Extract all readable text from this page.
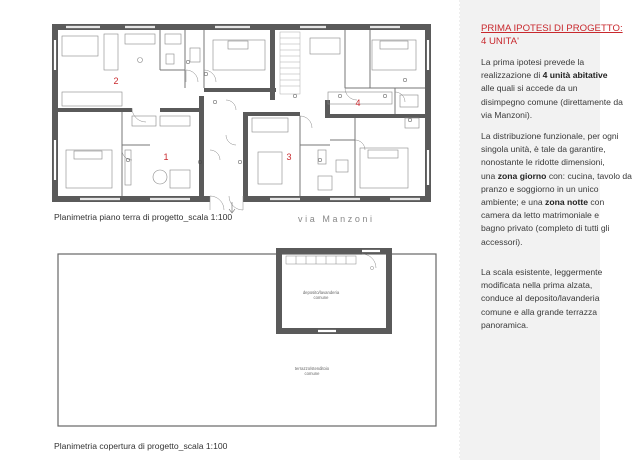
2
1	3
4
deposito/lavanderia
comune
terrazzo/stenditoio
comune
Planimetria piano terra di progetto_scala 1:100	via Manzoni
Planimetria copertura di progetto_scala 1:100
PRIMA IPOTESI DI PROGETTO:
4 UNITA'
La prima ipotesi prevede la
realizzazione di 4 unità abitative
alle quali si accede da un
disimpegno comune (direttamente da
via Manzoni).
La distribuzione funzionale, per ogni
singola unità, è tale da garantire,
nonostante le ridotte dimensioni,
una zona giorno con: cucina, tavolo da
pranzo e soggiorno in un unico
ambiente; e una zona notte con
camera da letto matrimoniale e
bagno privato (completo di tutti gli
accessori).
La scala esistente, leggermente
modificata nella prima alzata,
conduce al deposito/lavanderia
comune e alla grande terrazza
panoramica.
